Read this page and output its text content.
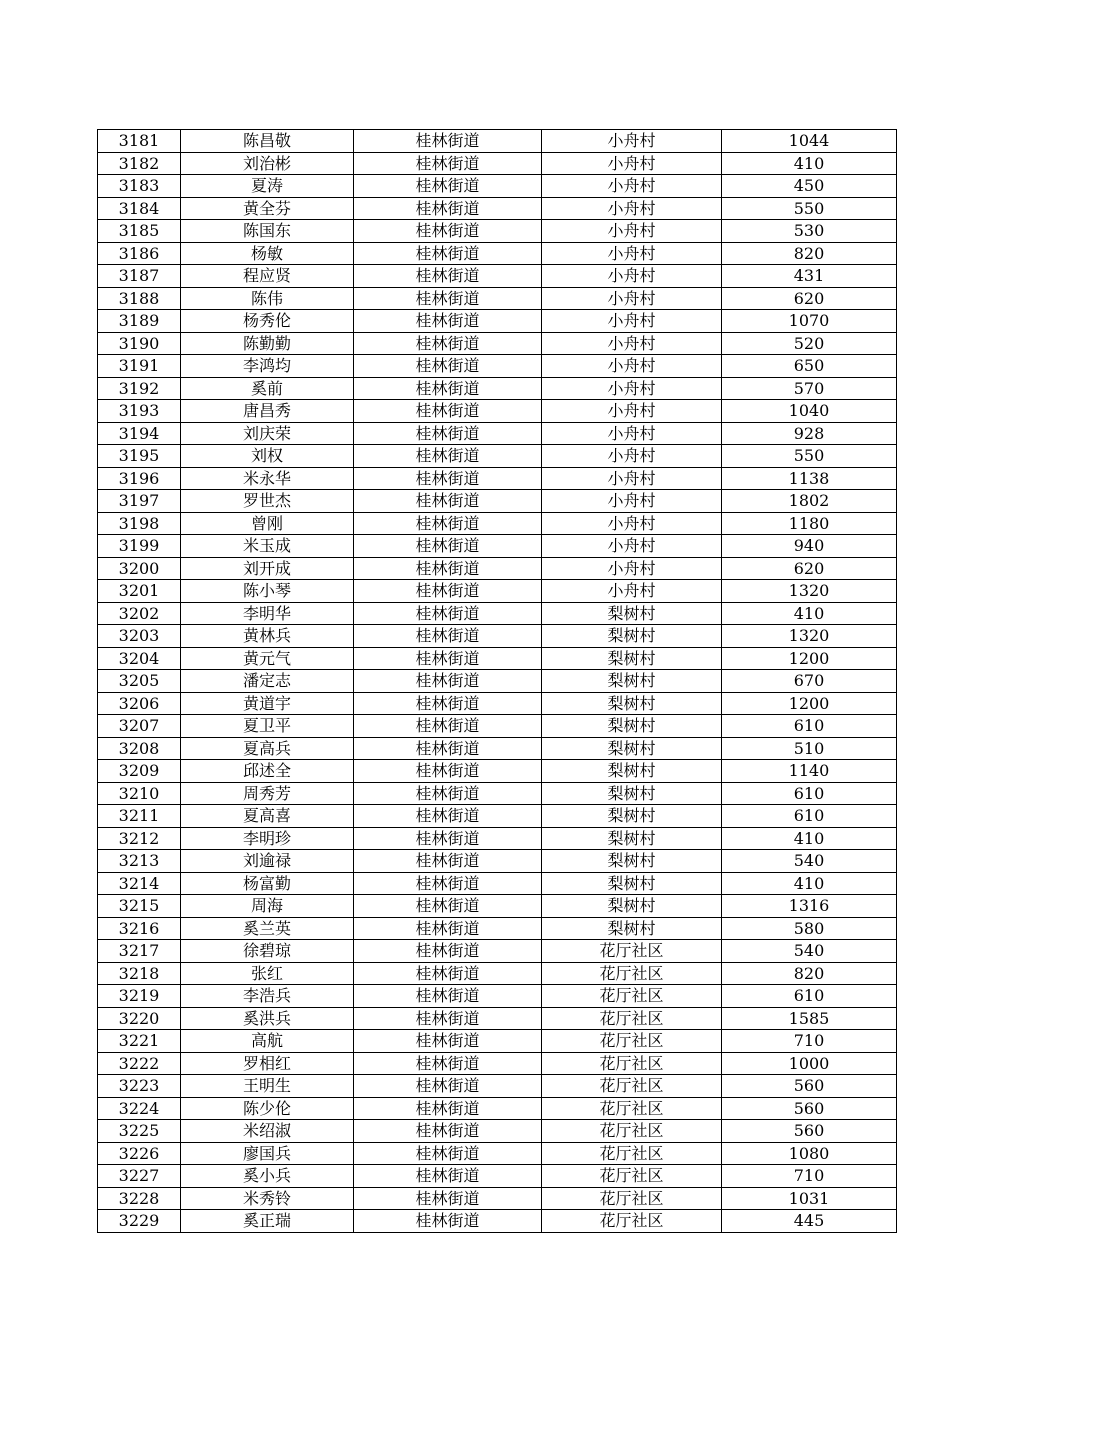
3181	陈昌敬	桂林街道	小舟村	1044
3182	刘治彬	桂林街道	小舟村	410
3183	夏涛	桂林街道	小舟村	450
3184	黄全芬	桂林街道	小舟村	550
3185	陈国东	桂林街道	小舟村	530
3186	杨敏	桂林街道	小舟村	820
3187	程应贤	桂林街道	小舟村	431
3188	陈伟	桂林街道	小舟村	620
3189	杨秀伦	桂林街道	小舟村	1070
3190	陈勤勤	桂林街道	小舟村	520
3191	李鸿均	桂林街道	小舟村	650
3192	奚前	桂林街道	小舟村	570
3193	唐昌秀	桂林街道	小舟村	1040
3194	刘庆荣	桂林街道	小舟村	928
3195	刘权	桂林街道	小舟村	550
3196	米永华	桂林街道	小舟村	1138
3197	罗世杰	桂林街道	小舟村	1802
3198	曾刚	桂林街道	小舟村	1180
3199	米玉成	桂林街道	小舟村	940
3200	刘开成	桂林街道	小舟村	620
3201	陈小琴	桂林街道	小舟村	1320
3202	李明华	桂林街道	梨树村	410
3203	黄林兵	桂林街道	梨树村	1320
3204	黄元气	桂林街道	梨树村	1200
3205	潘定志	桂林街道	梨树村	670
3206	黄道宇	桂林街道	梨树村	1200
3207	夏卫平	桂林街道	梨树村	610
3208	夏高兵	桂林街道	梨树村	510
3209	邱述全	桂林街道	梨树村	1140
3210	周秀芳	桂林街道	梨树村	610
3211	夏高喜	桂林街道	梨树村	610
3212	李明珍	桂林街道	梨树村	410
3213	刘逾禄	桂林街道	梨树村	540
3214	杨富勤	桂林街道	梨树村	410
3215	周海	桂林街道	梨树村	1316
3216	奚兰英	桂林街道	梨树村	580
3217	徐碧琼	桂林街道	花厅社区	540
3218	张红	桂林街道	花厅社区	820
3219	李浩兵	桂林街道	花厅社区	610
3220	奚洪兵	桂林街道	花厅社区	1585
3221	高航	桂林街道	花厅社区	710
3222	罗相红	桂林街道	花厅社区	1000
3223	王明生	桂林街道	花厅社区	560
3224	陈少伦	桂林街道	花厅社区	560
3225	米绍淑	桂林街道	花厅社区	560
3226	廖国兵	桂林街道	花厅社区	1080
3227	奚小兵	桂林街道	花厅社区	710
3228	米秀铃	桂林街道	花厅社区	1031
3229	奚正瑞	桂林街道	花厅社区	445
